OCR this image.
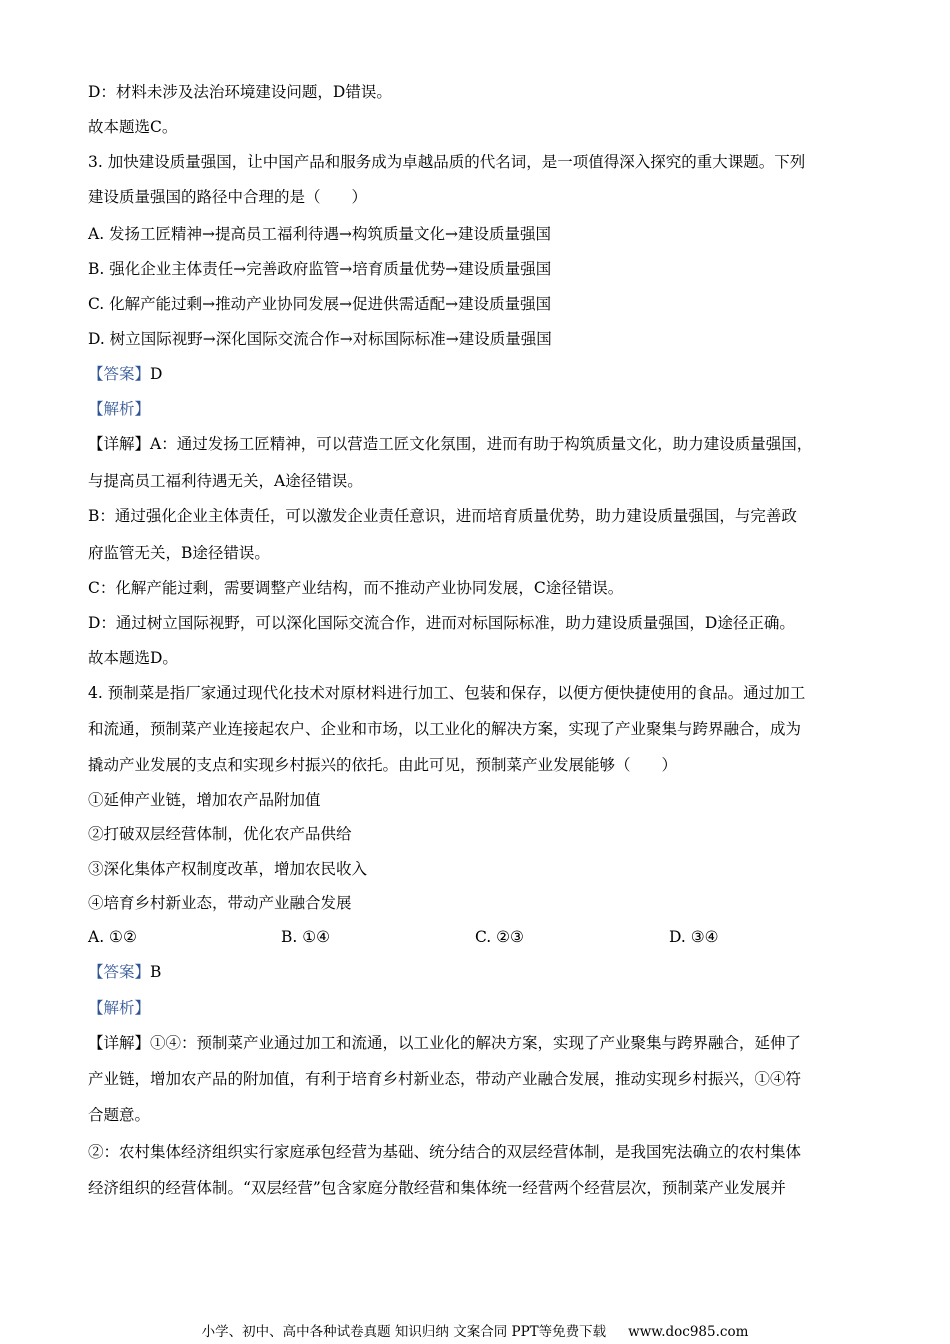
D：材料未涉及法治环境建设问题，D错误。
故本题选C。
3. 加快建设质量强国，让中国产品和服务成为卓越品质的代名词，是一项值得深入探究的重大课题。下列
建设质量强国的路径中合理的是（　　）
A. 发扬工匠精神→提高员工福利待遇→构筑质量文化→建设质量强国
B. 强化企业主体责任→完善政府监管→培育质量优势→建设质量强国
C. 化解产能过剩→推动产业协同发展→促进供需适配→建设质量强国
D. 树立国际视野→深化国际交流合作→对标国际标准→建设质量强国
【答案】D
【解析】
【详解】A：通过发扬工匠精神，可以营造工匠文化氛围，进而有助于构筑质量文化，助力建设质量强国，
与提高员工福利待遇无关，A途径错误。
B：通过强化企业主体责任，可以激发企业责任意识，进而培育质量优势，助力建设质量强国，与完善政
府监管无关，B途径错误。
C：化解产能过剩，需要调整产业结构，而不推动产业协同发展，C途径错误。
D：通过树立国际视野，可以深化国际交流合作，进而对标国际标准，助力建设质量强国，D途径正确。
故本题选D。
4. 预制菜是指厂家通过现代化技术对原材料进行加工、包装和保存，以便方便快捷使用的食品。通过加工
和流通，预制菜产业连接起农户、企业和市场，以工业化的解决方案，实现了产业聚集与跨界融合，成为
撬动产业发展的支点和实现乡村振兴的依托。由此可见，预制菜产业发展能够（　　）
①延伸产业链，增加农产品附加值
②打破双层经营体制，优化农产品供给
③深化集体产权制度改革，增加农民收入
④培育乡村新业态，带动产业融合发展
A. ①②	B. ①④	C. ②③	D. ③④
【答案】B
【解析】
【详解】①④：预制菜产业通过加工和流通，以工业化的解决方案，实现了产业聚集与跨界融合，延伸了
产业链，增加农产品的附加值，有利于培育乡村新业态，带动产业融合发展，推动实现乡村振兴，①④符
合题意。
②：农村集体经济组织实行家庭承包经营为基础、统分结合的双层经营体制，是我国宪法确立的农村集体
经济组织的经营体制。“双层经营”包含家庭分散经营和集体统一经营两个经营层次，预制菜产业发展并
小学、初中、高中各种试卷真题 知识归纳 文案合同 PPT等免费下载 www.doc985.com
